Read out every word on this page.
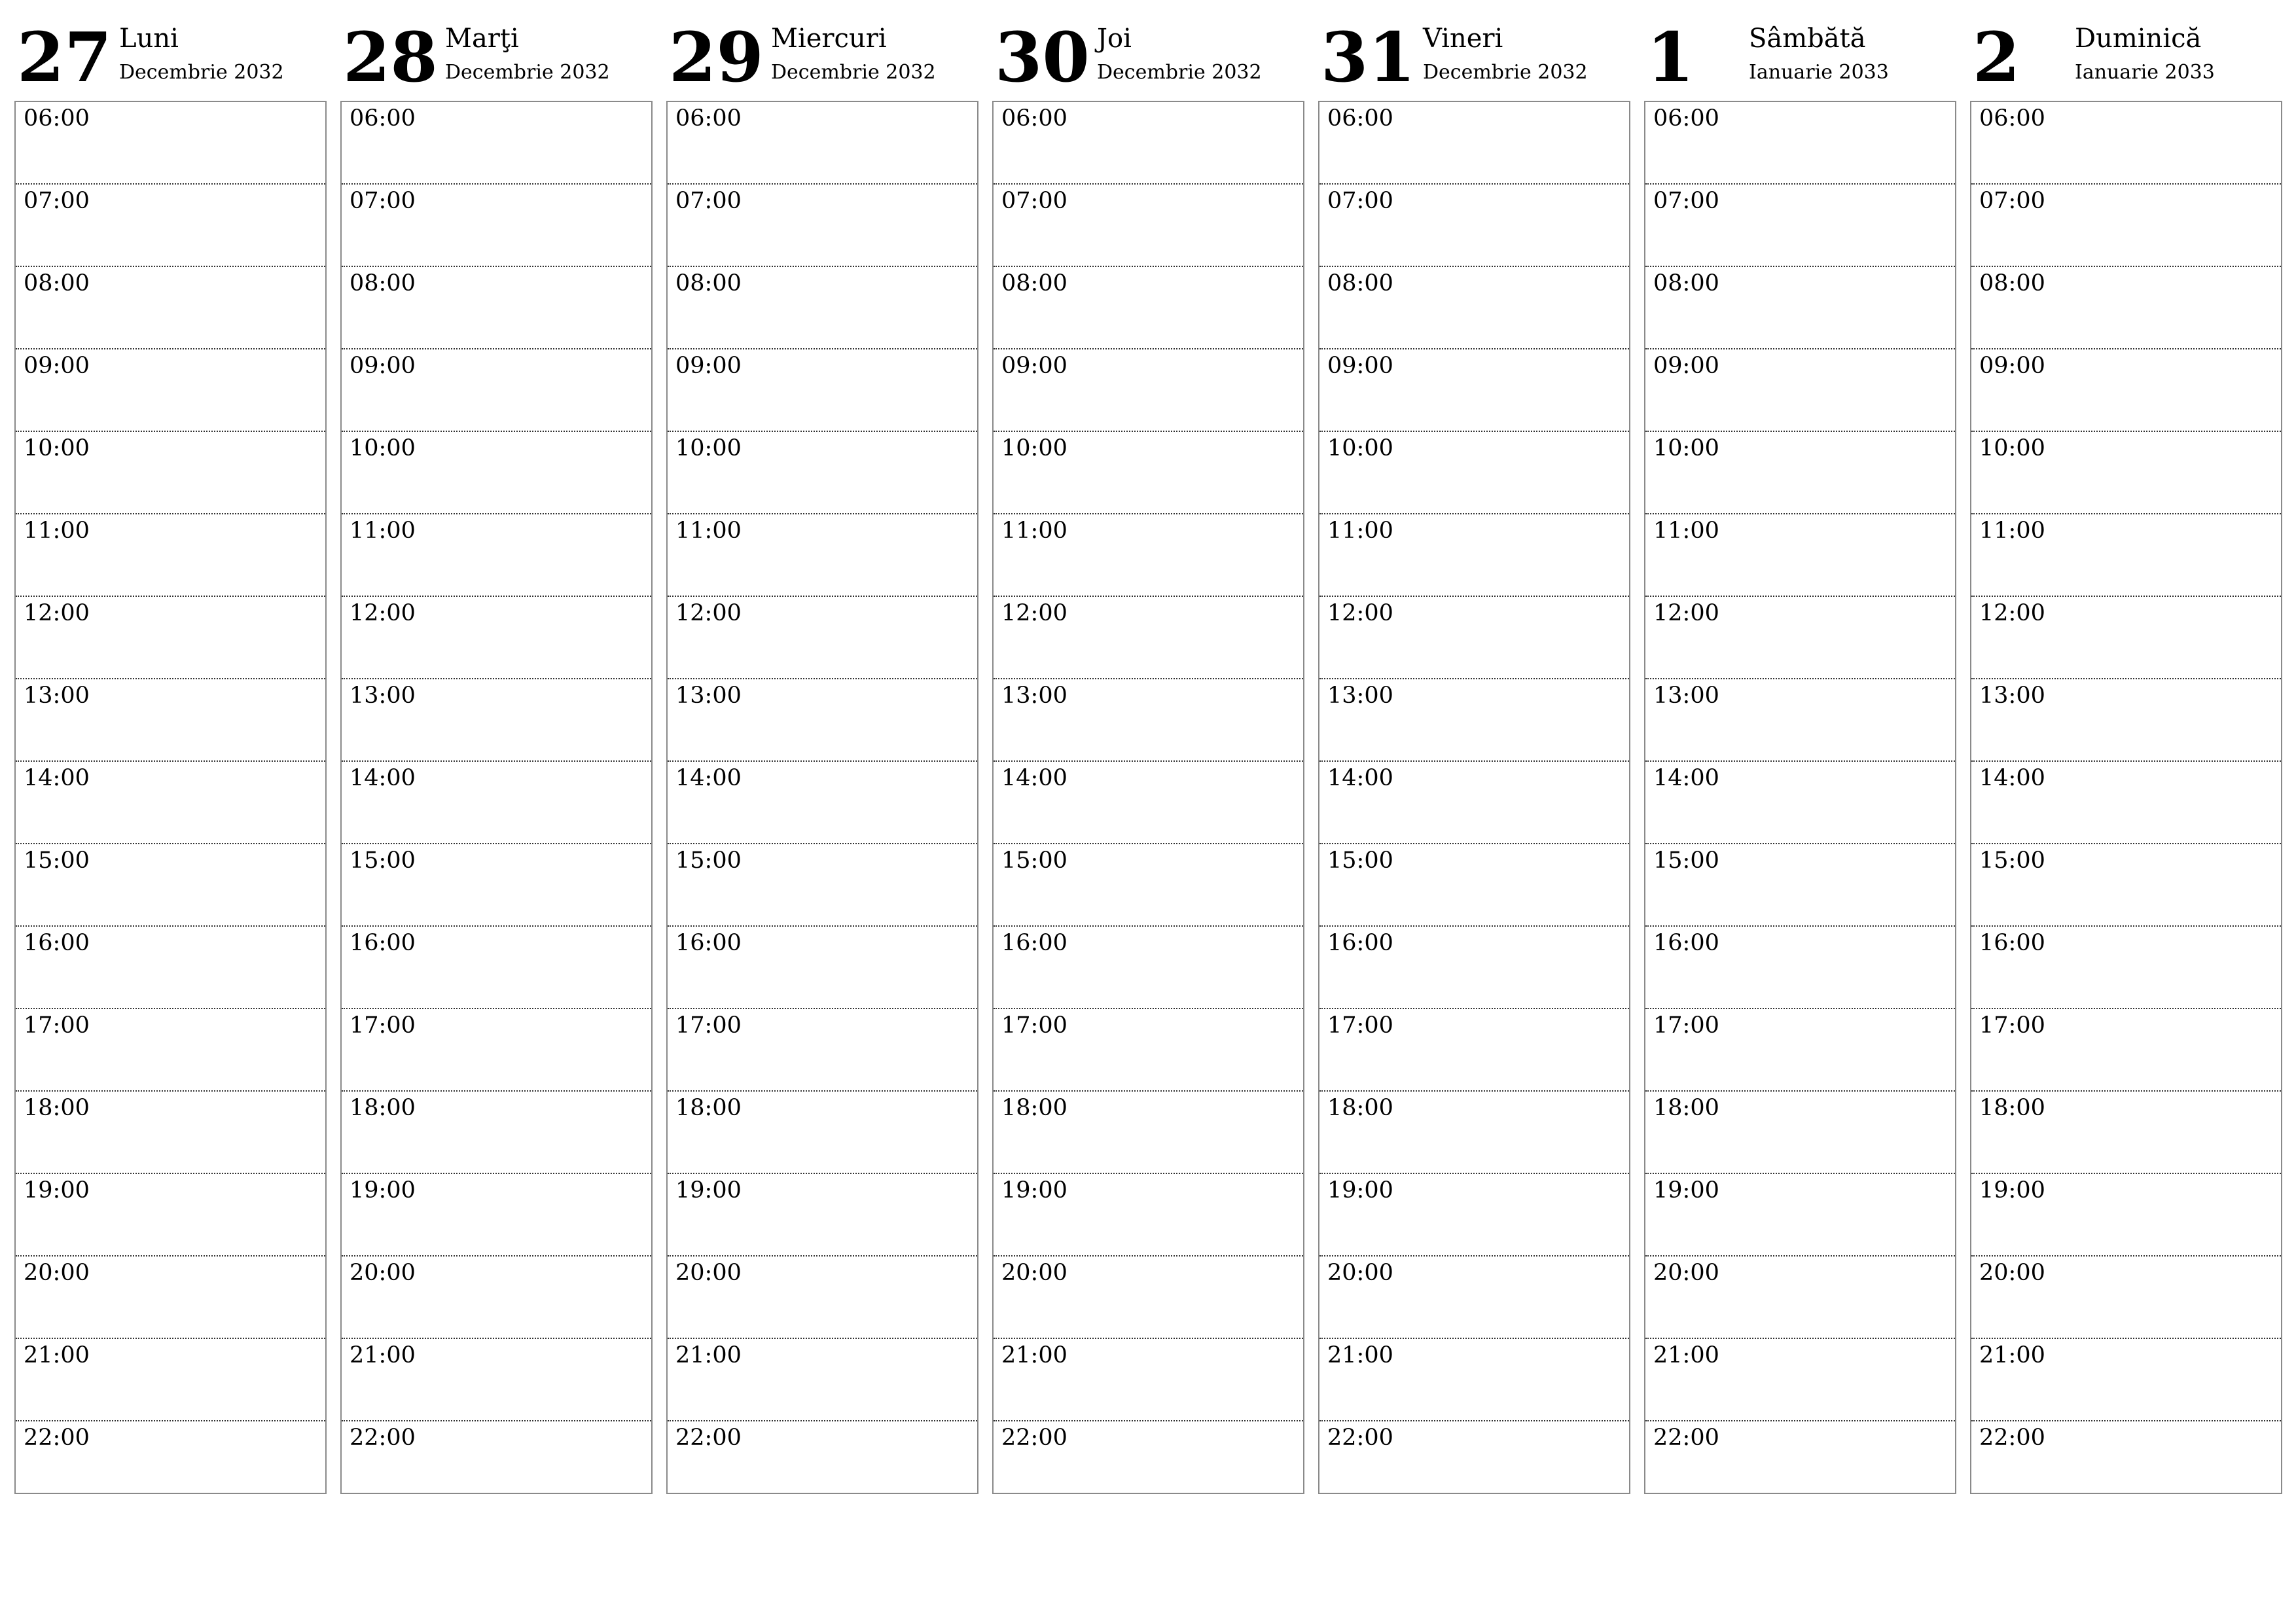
27 Luni
Decembrie 2032
06:00
07:00
08:00
09:00
10:00
11:00
12:00
13:00
14:00
15:00
16:00
17:00
18:00
19:00
20:00
21:00
22:00
28 Marţi
Decembrie 2032
06:00
07:00
08:00
09:00
10:00
11:00
12:00
13:00
14:00
15:00
16:00
17:00
18:00
19:00
20:00
21:00
22:00
29 Miercuri
Decembrie 2032
06:00
07:00
08:00
09:00
10:00
11:00
12:00
13:00
14:00
15:00
16:00
17:00
18:00
19:00
20:00
21:00
22:00
30 Joi
Decembrie 2032
06:00
07:00
08:00
09:00
10:00
11:00
12:00
13:00
14:00
15:00
16:00
17:00
18:00
19:00
20:00
21:00
22:00
31 Vineri
Decembrie 2032
06:00
07:00
08:00
09:00
10:00
11:00
12:00
13:00
14:00
15:00
16:00
17:00
18:00
19:00
20:00
21:00
22:00
1 Sâmbătă
Ianuarie 2033
06:00
07:00
08:00
09:00
10:00
11:00
12:00
13:00
14:00
15:00
16:00
17:00
18:00
19:00
20:00
21:00
22:00
2 Duminică
Ianuarie 2033
06:00
07:00
08:00
09:00
10:00
11:00
12:00
13:00
14:00
15:00
16:00
17:00
18:00
19:00
20:00
21:00
22:00
